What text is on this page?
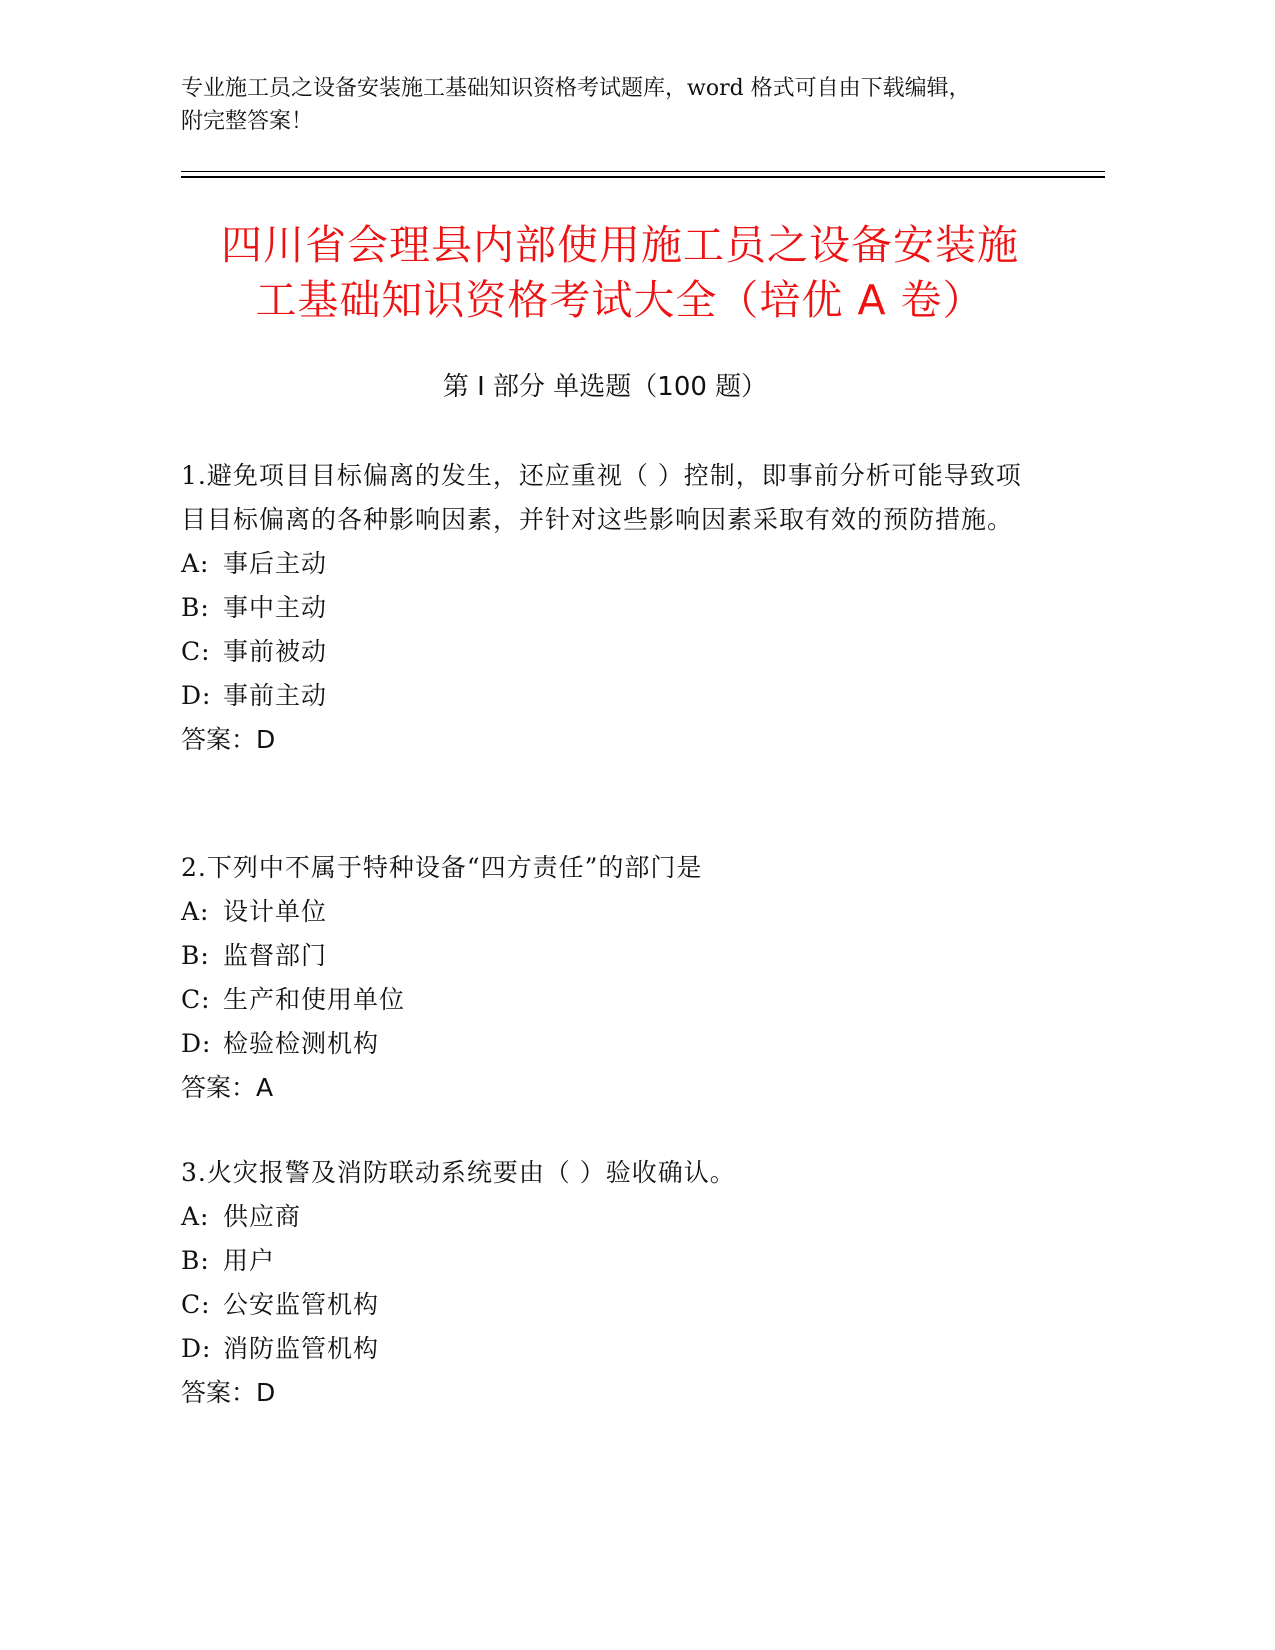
专业施工员之设备安装施工基础知识资格考试题库，word 格式可自由下载编辑，
附完整答案！
四川省会理县内部使用施工员之设备安装施
工基础知识资格考试大全（培优 A 卷）
第 I 部分 单选题（100 题）
1.避免项目目标偏离的发生，还应重视（ ）控制，即事前分析可能导致项目目标偏离的各种影响因素，并针对这些影响因素采取有效的预防措施。
A: 事后主动
B: 事中主动
C: 事前被动
D: 事前主动
答案：D
2.下列中不属于特种设备“四方责任”的部门是
A: 设计单位
B: 监督部门
C: 生产和使用单位
D: 检验检测机构
答案：A
3.火灾报警及消防联动系统要由（ ）验收确认。
A: 供应商
B: 用户
C: 公安监管机构
D: 消防监管机构
答案：D
